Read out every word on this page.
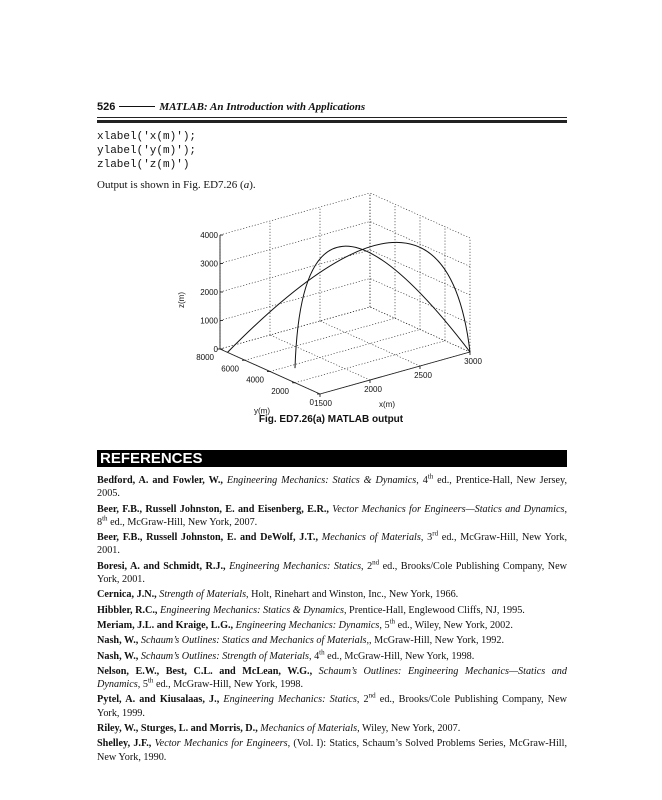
526	MATLAB: An Introduction with Applications
xlabel('x(m)');
ylabel('y(m)');
zlabel('z(m)')
Output is shown in Fig. ED7.26 (a).
1500
2000
2500
3000
0
2000
4000
6000
8000
0
1000
2000
3000
4000
x(m)
y(m)
z(m)
Fig. ED7.26(a) MATLAB output
REFERENCES

Bedford, A. and Fowler, W., Engineering Mechanics: Statics & Dynamics, 4th ed., Prentice-Hall, New Jersey, 2005.

Beer, F.B., Russell Johnston, E. and Eisenberg, E.R., Vector Mechanics for Engineers—Statics and Dynamics, 8th ed., McGraw-Hill, New York, 2007.

Beer, F.B., Russell Johnston, E. and DeWolf, J.T., Mechanics of Materials, 3rd ed., McGraw-Hill, New York, 2001.

Boresi, A. and Schmidt, R.J., Engineering Mechanics: Statics, 2nd ed., Brooks/Cole Publishing Company, New York, 2001.

Cernica, J.N., Strength of Materials, Holt, Rinehart and Winston, Inc., New York, 1966.

Hibbler, R.C., Engineering Mechanics: Statics & Dynamics, Prentice-Hall, Englewood Cliffs, NJ, 1995.

Meriam, J.L. and Kraige, L.G., Engineering Mechanics: Dynamics, 5th ed., Wiley, New York, 2002.

Nash, W., Schaum’s Outlines: Statics and Mechanics of Materials,, McGraw-Hill, New York, 1992.

Nash, W., Schaum’s Outlines: Strength of Materials, 4th ed., McGraw-Hill, New York, 1998.

Nelson, E.W., Best, C.L. and McLean, W.G., Schaum’s Outlines: Engineering Mechanics—Statics and Dynamics, 5th ed., McGraw-Hill, New York, 1998.

Pytel, A. and Kiusalaas, J., Engineering Mechanics: Statics, 2nd ed., Brooks/Cole Publishing Company, New York, 1999.

Riley, W., Sturges, L. and Morris, D., Mechanics of Materials, Wiley, New York, 2007.

Shelley, J.F., Vector Mechanics for Engineers, (Vol. I): Statics, Schaum’s Solved Problems Series, McGraw-Hill, New York, 1990.
